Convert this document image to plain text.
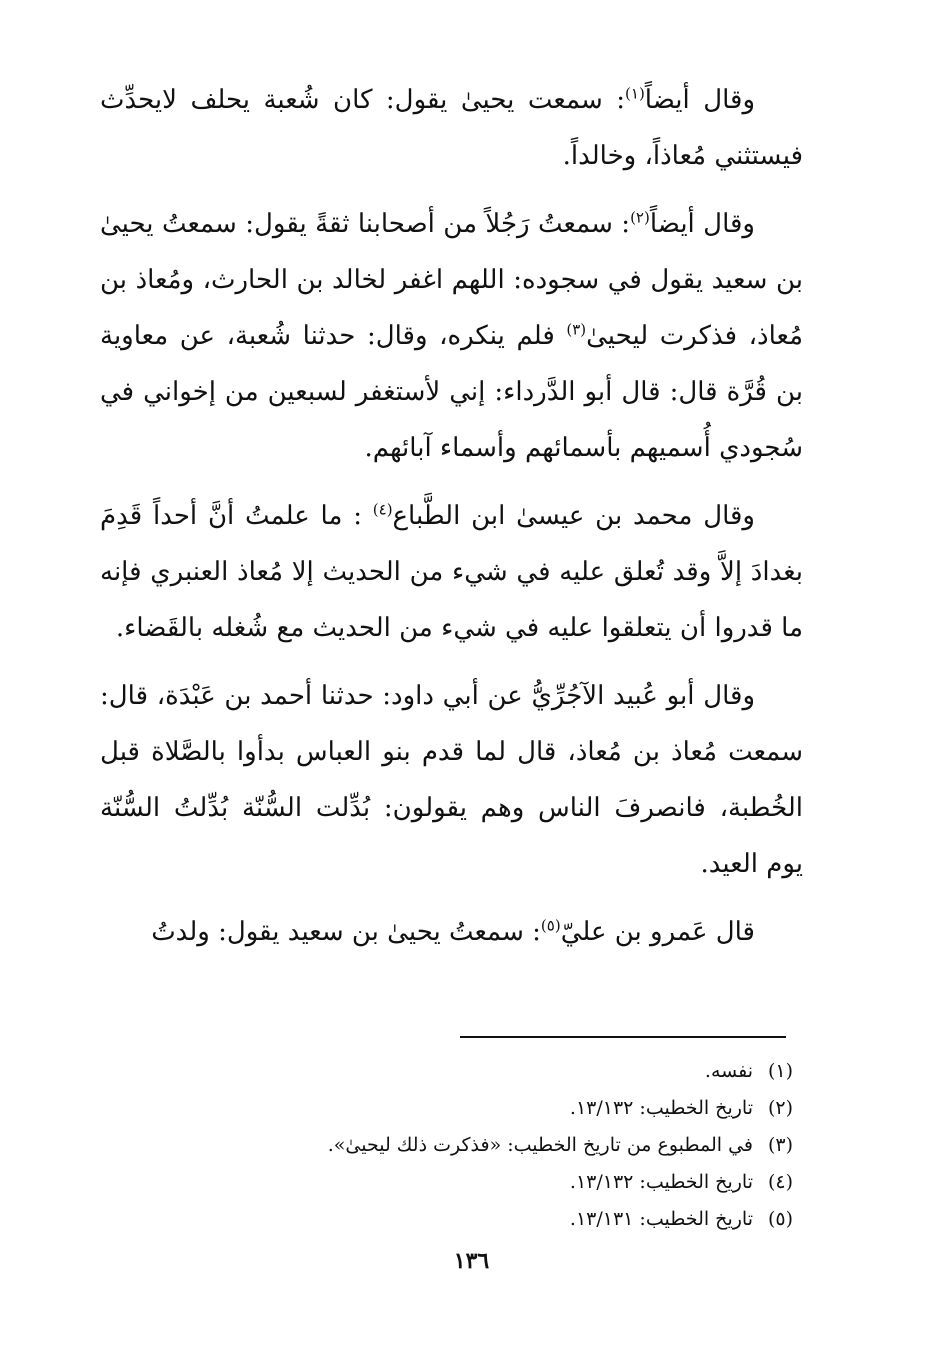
وقال أيضاً$^{(١)}$: سمعت يحيىٰ يقول: كان شُعبة يحلف لايحدِّث فيستثني مُعاذاً، وخالداً.

وقال أيضاً$^{(٢)}$: سمعتُ رَجُلاً من أصحابنا ثقةً يقول: سمعتُ يحيىٰ بن سعيد يقول في سجوده: اللهم اغفر لخالد بن الحارث، ومُعاذ بن مُعاذ، فذكرت ليحيىٰ$^{(٣)}$ فلم ينكره، وقال: حدثنا شُعبة، عن معاوية بن قُرَّة قال: قال أبو الدَّرداء: إني لأستغفر لسبعين من إخواني في سُجودي أُسميهم بأسمائهم وأسماء آبائهم.

وقال محمد بن عيسىٰ ابن الطَّباع$^{(٤)}$ : ما علمتُ أنَّ أحداً قَدِمَ بغدادَ إلاَّ وقد تُعلق عليه في شيء من الحديث إلا مُعاذ العنبري فإنه ما قدروا أن يتعلقوا عليه في شيء من الحديث مع شُغله بالقَضاء.

وقال أبو عُبيد الآجُرِّيُّ عن أبي داود: حدثنا أحمد بن عَبْدَة، قال: سمعت مُعاذ بن مُعاذ، قال لما قدم بنو العباس بدأوا بالصَّلاة قبل الخُطبة، فانصرفَ الناس وهم يقولون: بُدِّلت السُّنّة بُدِّلتُ السُّنّة يوم العيد.

قال عَمرو بن عليّ$^{(٥)}$: سمعتُ يحيىٰ بن سعيد يقول: ولدتُ

(١)نفسه.
(٢)تاريخ الخطيب: ١٣/١٣٢.
(٣)في المطبوع من تاريخ الخطيب: «فذكرت ذلك ليحيىٰ».
(٤)تاريخ الخطيب: ١٣/١٣٢.
(٥)تاريخ الخطيب: ١٣/١٣١.
١٣٦
